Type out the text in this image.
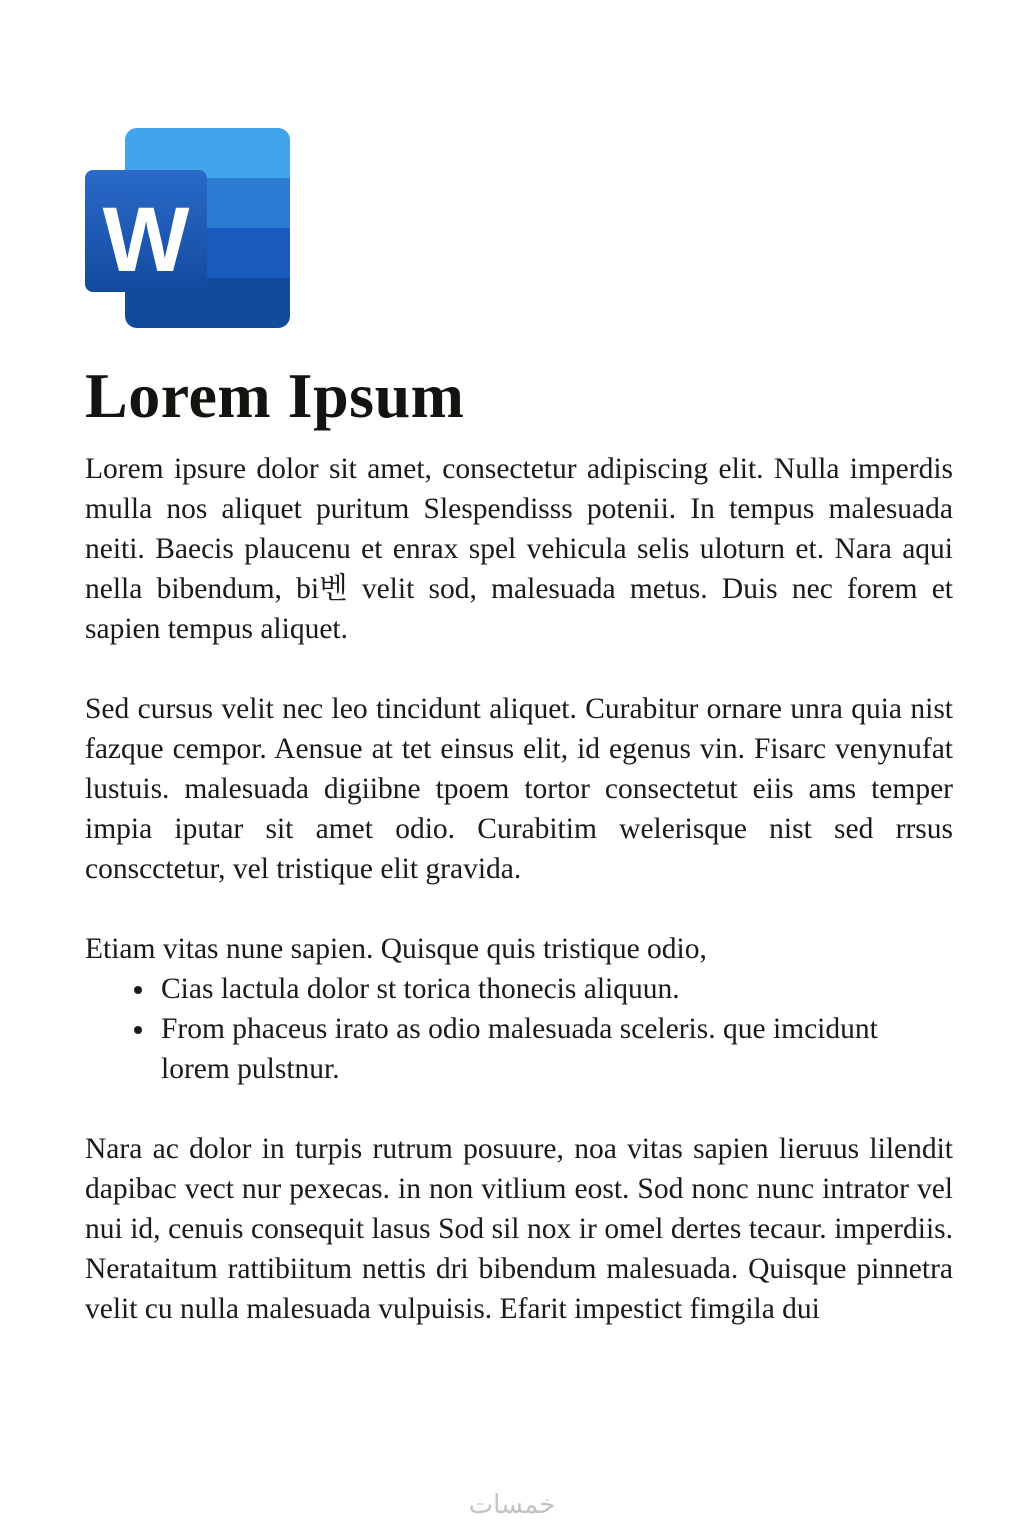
W
Lorem Ipsum

Lorem ipsure dolor sit amet, consectetur adipiscing elit. Nulla imperdis mulla nos aliquet puritum Slespendisss potenii. In tempus malesuada neiti. Baecis plaucenu et enrax spel vehicula selis uloturn et. Nara aqui nella bibendum, bi벤 velit sod, malesuada metus. Duis nec forem et sapien tempus aliquet.

Sed cursus velit nec leo tincidunt aliquet. Curabitur ornare unra quia nist fazque cempor. Aensue at tet einsus elit, id egenus vin. Fisarc venynufat lustuis. malesuada digiibne tpoem tortor consectetut eiis ams temper impia iputar sit amet odio. Curabitim welerisque nist sed rrsus conscctetur, vel tristique elit gravida.

Etiam vitas nune sapien. Quisque quis tristique odio,

• Cias lactula dolor st torica thonecis aliquun.
• From phaceus irato as odio malesuada sceleris. que imcidunt lorem pulstnur.

Nara ac dolor in turpis rutrum posuure, noa vitas sapien lieruus lilendit dapibac vect nur pexecas. in non vitlium eost. Sod nonc nunc intrator vel nui id, cenuis consequit lasus Sod sil nox ir omel dertes tecaur. imperdiis. Nerataitum rattibiitum nettis dri bibendum malesuada. Quisque pinnetra velit cu nulla malesuada vulpuisis. Efarit impestict fimgila dui

خمسات
